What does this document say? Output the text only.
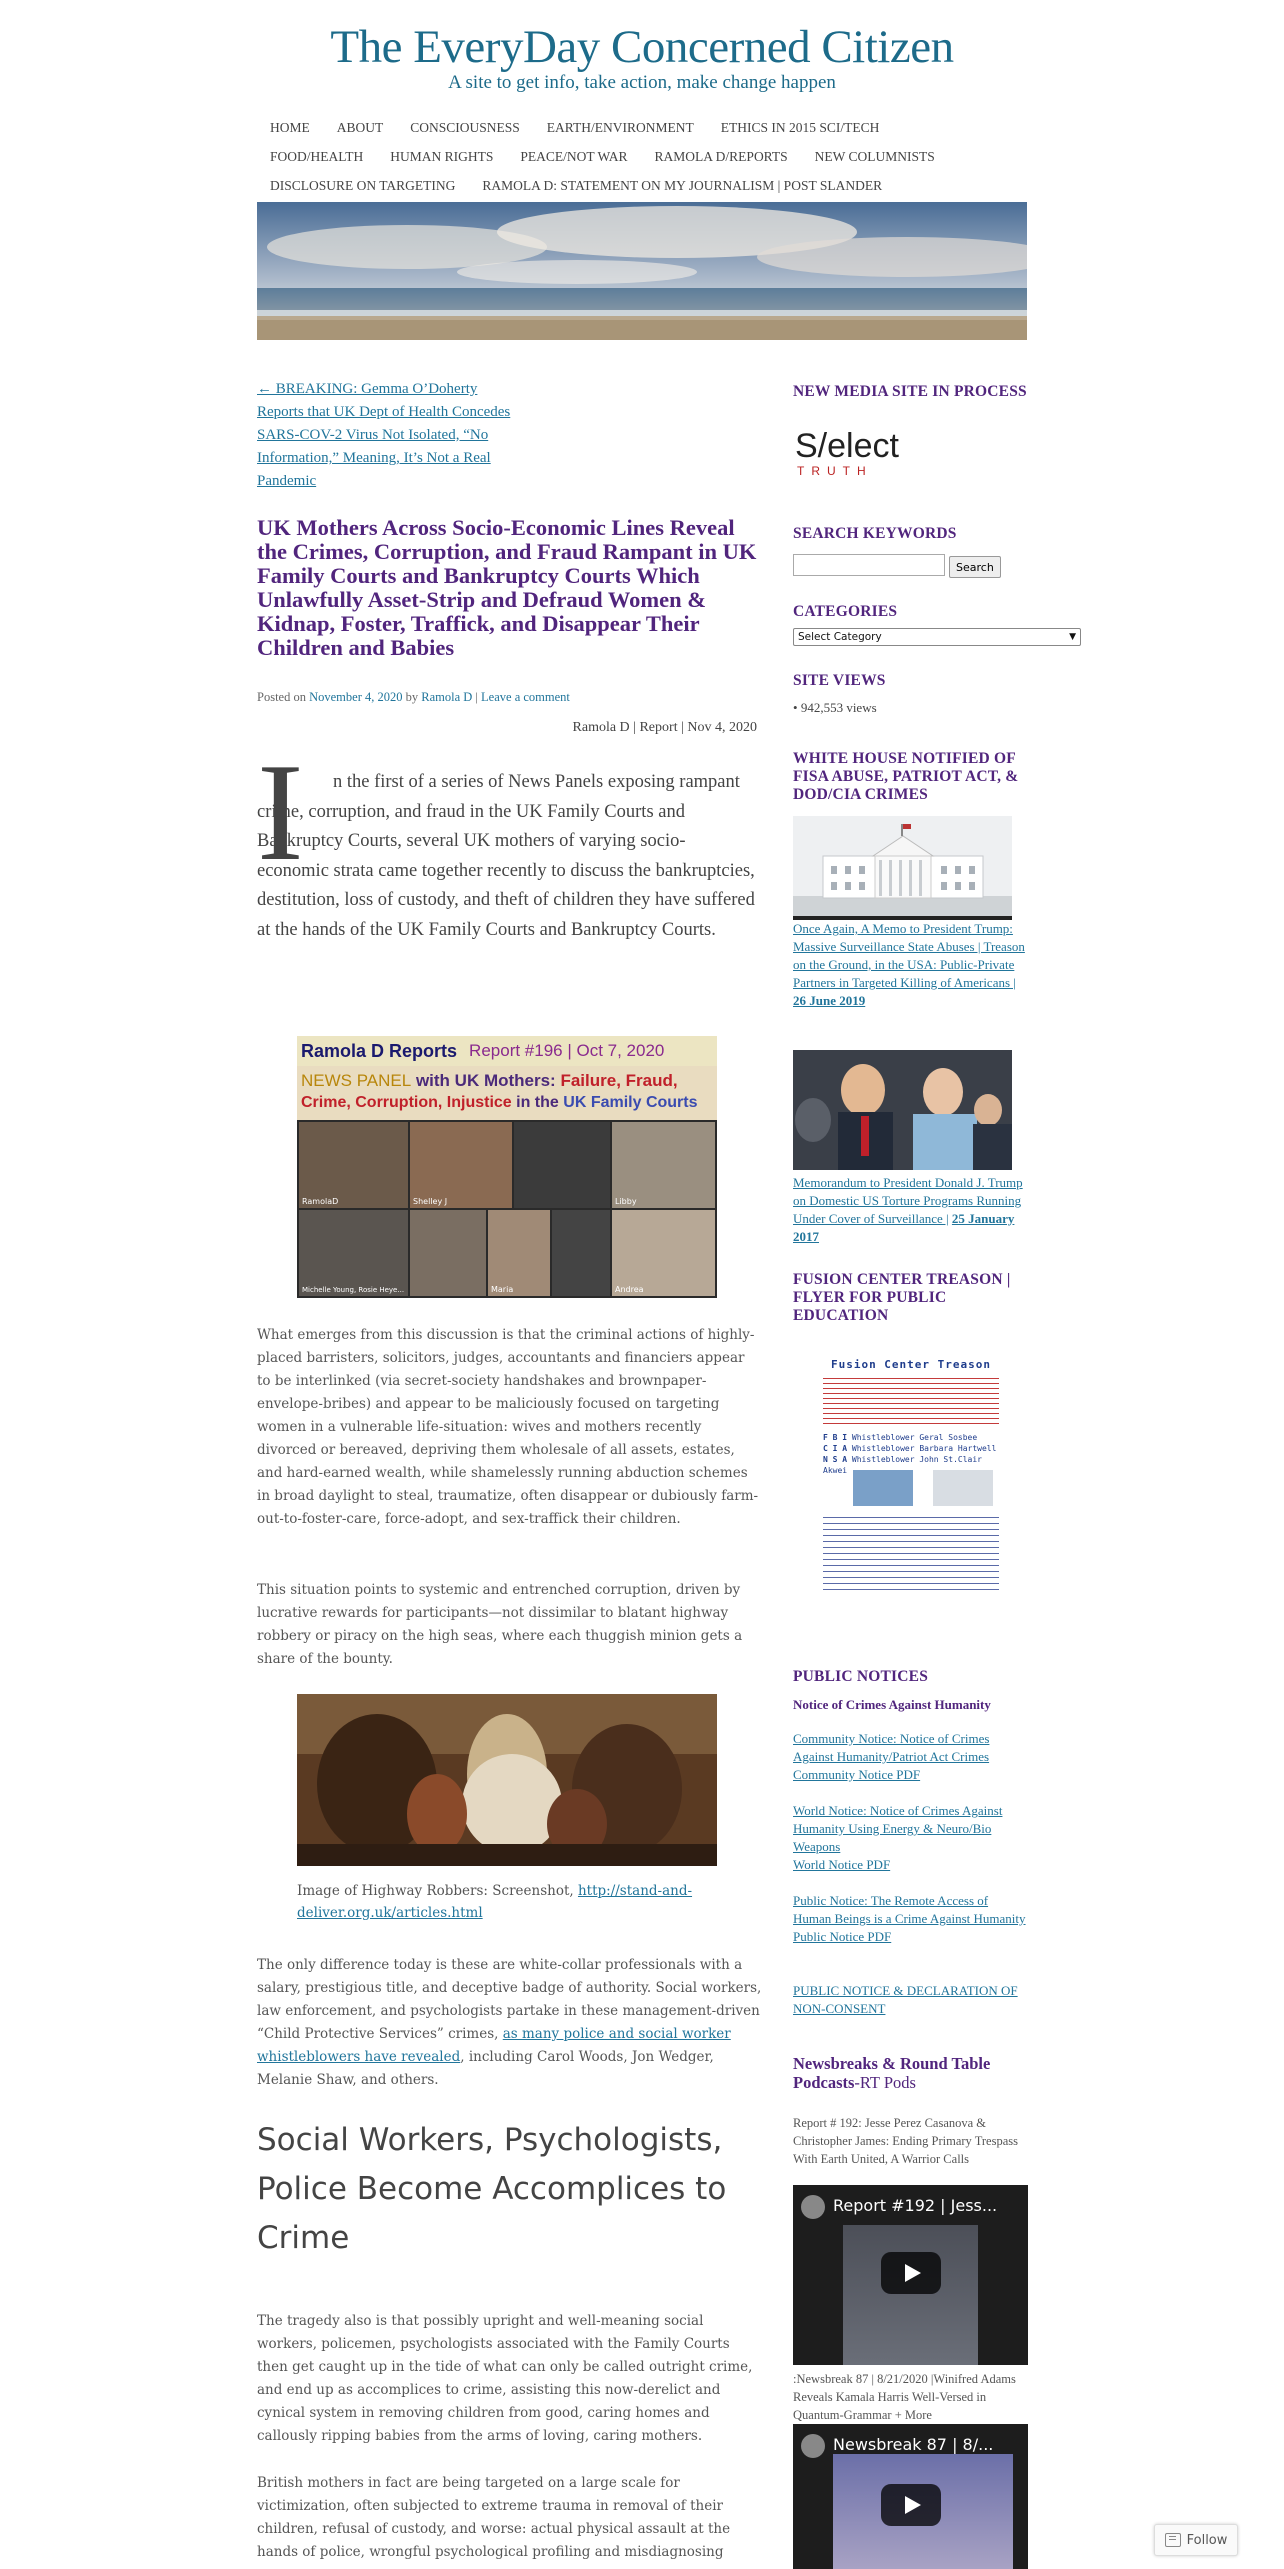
The EveryDay Concerned Citizen
A site to get info, take action, make change happen
HOME ABOUT CONSCIOUSNESS EARTH/ENVIRONMENT ETHICS IN 2015 SCI/TECH
FOOD/HEALTH HUMAN RIGHTS PEACE/NOT WAR RAMOLA D/REPORTS NEW COLUMNISTS
DISCLOSURE ON TARGETING RAMOLA D: STATEMENT ON MY JOURNALISM | POST SLANDER
← BREAKING: Gemma O’Doherty Reports that UK Dept of Health Concedes SARS-COV-2 Virus Not Isolated, “No Information,” Meaning, It’s Not a Real Pandemic
UK Mothers Across Socio-Economic Lines Reveal the Crimes, Corruption, and Fraud Rampant in UK Family Courts and Bankruptcy Courts Which Unlawfully Asset-Strip and Defraud Women & Kidnap, Foster, Traffick, and Disappear Their Children and Babies
Posted on November 4, 2020 by Ramola D | Leave a comment
Ramola D | Report | Nov 4, 2020
I	n the first of a series of News Panels exposing rampant crime, corruption, and fraud in the UK Family Courts and Bankruptcy Courts, several UK mothers of varying socio-economic strata came together recently to discuss the bankruptcies, destitution, loss of custody, and theft of children they have suffered at the hands of the UK Family Courts and Bankruptcy Courts.
Ramola D Reports Report #196 | Oct 7, 2020
NEWS PANEL with UK Mothers: Failure, Fraud,
Crime, Corruption, Injustice in the UK Family Courts
RamolaD	Shelley J	Libby
Michelle Young, Rosie Heye...	Maria	Andrea
What emerges from this discussion is that the criminal actions of highly-placed barristers, solicitors, judges, accountants and financiers appear to be interlinked (via secret-society handshakes and brownpaper-envelope-bribes) and appear to be maliciously focused on targeting women in a vulnerable life-situation: wives and mothers recently divorced or bereaved, depriving them wholesale of all assets, estates, and hard-earned wealth, while shamelessly running abduction schemes in broad daylight to steal, traumatize, often disappear or dubiously farm-out-to-foster-care, force-adopt, and sex-traffick their children.
This situation points to systemic and entrenched corruption, driven by lucrative rewards for participants—not dissimilar to blatant highway robbery or piracy on the high seas, where each thuggish minion gets a share of the bounty.
Image of Highway Robbers: Screenshot, http://stand-and-deliver.org.uk/articles.html
The only difference today is these are white-collar professionals with a salary, prestigious title, and deceptive badge of authority. Social workers, law enforcement, and psychologists partake in these management-driven “Child Protective Services” crimes, as many police and social worker whistleblowers have revealed, including Carol Woods, Jon Wedger, Melanie Shaw, and others.
Social Workers, Psychologists, Police Become Accomplices to Crime
The tragedy also is that possibly upright and well-meaning social workers, policemen, psychologists associated with the Family Courts then get caught up in the tide of what can only be called outright crime, and end up as accomplices to crime, assisting this now-derelict and cynical system in removing children from good, caring homes and callously ripping babies from the arms of loving, caring mothers.
British mothers in fact are being targeted on a large scale for victimization, often subjected to extreme trauma in removal of their children, refusal of custody, and worse: actual physical assault at the hands of police, wrongful psychological profiling and misdiagnosing
NEW MEDIA SITE IN PROCESS
S/elect
TRUTH
SEARCH KEYWORDS
Search
CATEGORIES
Select Category	▼
SITE VIEWS
• 942,553 views
WHITE HOUSE NOTIFIED OF FISA ABUSE, PATRIOT ACT, & DOD/CIA CRIMES
Once Again, A Memo to President Trump: Massive Surveillance State Abuses | Treason on the Ground, in the USA: Public-Private Partners in Targeted Killing of Americans | 26 June 2019
Memorandum to President Donald J. Trump on Domestic US Torture Programs Running Under Cover of Surveillance | 25 January 2017
FUSION CENTER TREASON | FLYER FOR PUBLIC EDUCATION
Fusion Center Treason
F B I Whistleblower Geral Sosbee
C I A Whistleblower Barbara Hartwell
N S A Whistleblower John St.Clair Akwei
PUBLIC NOTICES
Notice of Crimes Against Humanity
Community Notice: Notice of Crimes Against Humanity/Patriot Act Crimes
Community Notice PDF
World Notice: Notice of Crimes Against Humanity Using Energy & Neuro/Bio Weapons
World Notice PDF
Public Notice: The Remote Access of Human Beings is a Crime Against Humanity
Public Notice PDF
PUBLIC NOTICE & DECLARATION OF NON-CONSENT
Newsbreaks & Round Table Podcasts-RT Pods
Report # 192: Jesse Perez Casanova & Christopher James: Ending Primary Trespass With Earth United, A Warrior Calls
Report #192 | Jess...
:Newsbreak 87 | 8/21/2020 |Winifred Adams Reveals Kamala Harris Well-Versed in Quantum-Grammar + More
Newsbreak 87 | 8/...
Follow
